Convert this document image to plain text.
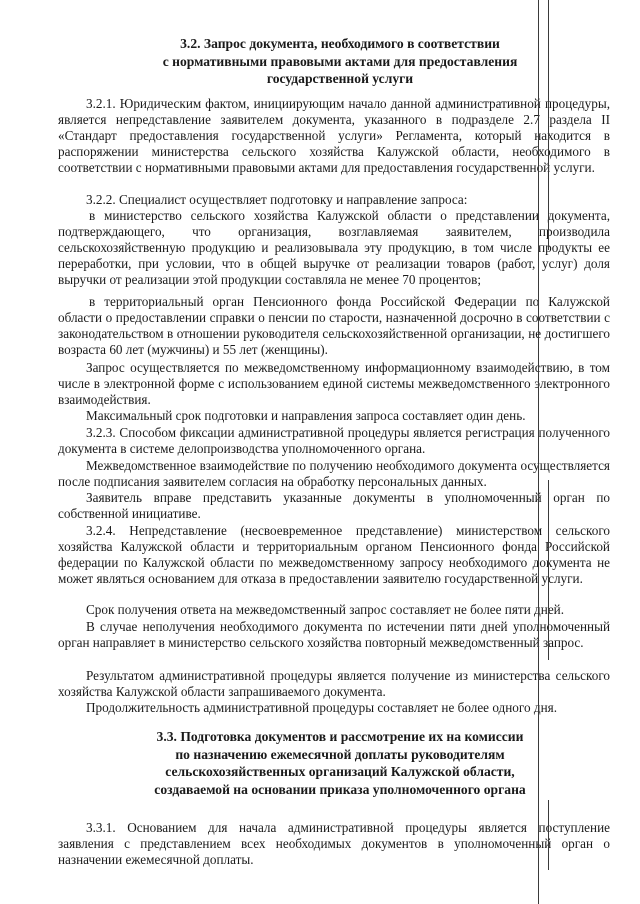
3.2. Запрос документа, необходимого в соответствии
с нормативными правовыми актами для предоставления
государственной услуги

3.2.1. Юридическим фактом, инициирующим начало данной административной процедуры, является непредставление заявителем документа, указанного в подразделе 2.7 раздела II «Стандарт предоставления государственной услуги» Регламента, который находится в распоряжении министерства сельского хозяйства Калужской области, необходимого в соответствии с нормативными правовыми актами для предоставления государственной услуги.

3.2.2. Специалист осуществляет подготовку и направление запроса:

в министерство сельского хозяйства Калужской области о представлении документа, подтверждающего, что организация, возглавляемая заявителем, производила сельскохозяйственную продукцию и реализовывала эту продукцию, в том числе продукты ее переработки, при условии, что в общей выручке от реализации товаров (работ, услуг) доля выручки от реализации этой продукции составляла не менее 70 процентов;

в территориальный орган Пенсионного фонда Российской Федерации по Калужской области о предоставлении справки о пенсии по старости, назначенной досрочно в соответствии с законодательством в отношении руководителя сельскохозяйственной организации, не достигшего возраста 60 лет (мужчины) и 55 лет (женщины).

Запрос осуществляется по межведомственному информационному взаимодействию, в том числе в электронной форме с использованием единой системы межведомственного электронного взаимодействия.

Максимальный срок подготовки и направления запроса составляет один день.

3.2.3. Способом фиксации административной процедуры является регистрация полученного документа в системе делопроизводства уполномоченного органа.

Межведомственное взаимодействие по получению необходимого документа осуществляется после подписания заявителем согласия на обработку персональных данных.

Заявитель вправе представить указанные документы в уполномоченный орган по собственной инициативе.

3.2.4. Непредставление (несвоевременное представление) министерством сельского хозяйства Калужской области и территориальным органом Пенсионного фонда Российской федерации по Калужской области по межведомственному запросу необходимого документа не может являться основанием для отказа в предоставлении заявителю государственной услуги.

Срок получения ответа на межведомственный запрос составляет не более пяти дней.

В случае неполучения необходимого документа по истечении пяти дней уполномоченный орган направляет в министерство сельского хозяйства повторный межведомственный запрос.

Результатом административной процедуры является получение из министерства сельского хозяйства Калужской области запрашиваемого документа.

Продолжительность административной процедуры составляет не более одного дня.

3.3. Подготовка документов и рассмотрение их на комиссии
по назначению ежемесячной доплаты руководителям
сельскохозяйственных организаций Калужской области,
создаваемой на основании приказа уполномоченного органа

3.3.1. Основанием для начала административной процедуры является поступление заявления с представлением всех необходимых документов в уполномоченный орган о назначении ежемесячной доплаты.
